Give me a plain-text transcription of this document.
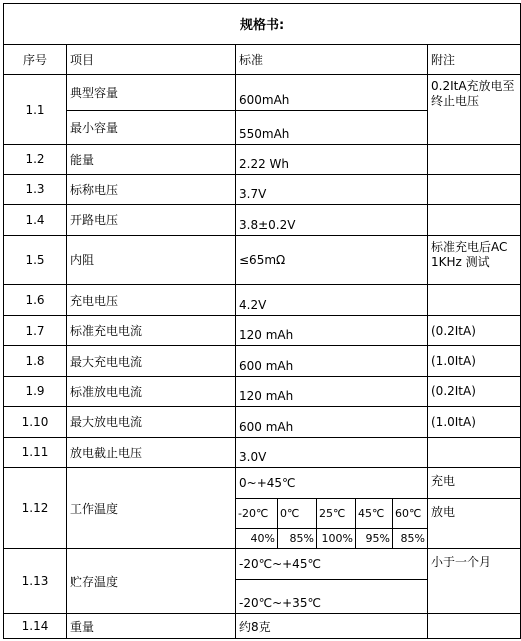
规格书:							
序号	项目	标准					附注
1.1	典型容量	600mAh					0.2ItA充放电至终止电压
	最小容量	550mAh					
1.2	能量	2.22 Wh					
1.3	标称电压	3.7V					
1.4	开路电压	3.8±0.2V					
1.5	内阻	≤65mΩ					标准充电后AC 1KHz 测试
1.6	充电电压	4.2V					
1.7	标准充电电流	120 mAh					(0.2ItA)
1.8	最大充电电流	600 mAh					(1.0ItA)
1.9	标准放电电流	120 mAh					(0.2ItA)
1.10	最大放电电流	600 mAh					(1.0ItA)
1.11	放电截止电压	3.0V					
1.12	工作温度	0~+45℃					充电
		-20℃	0℃	25℃	45℃	60℃	放电
		40%	85%	100%	95%	85%	
1.13	贮存温度	-20℃~+45℃					小于一个月
		-20℃~+35℃					
1.14	重量	约8克					
